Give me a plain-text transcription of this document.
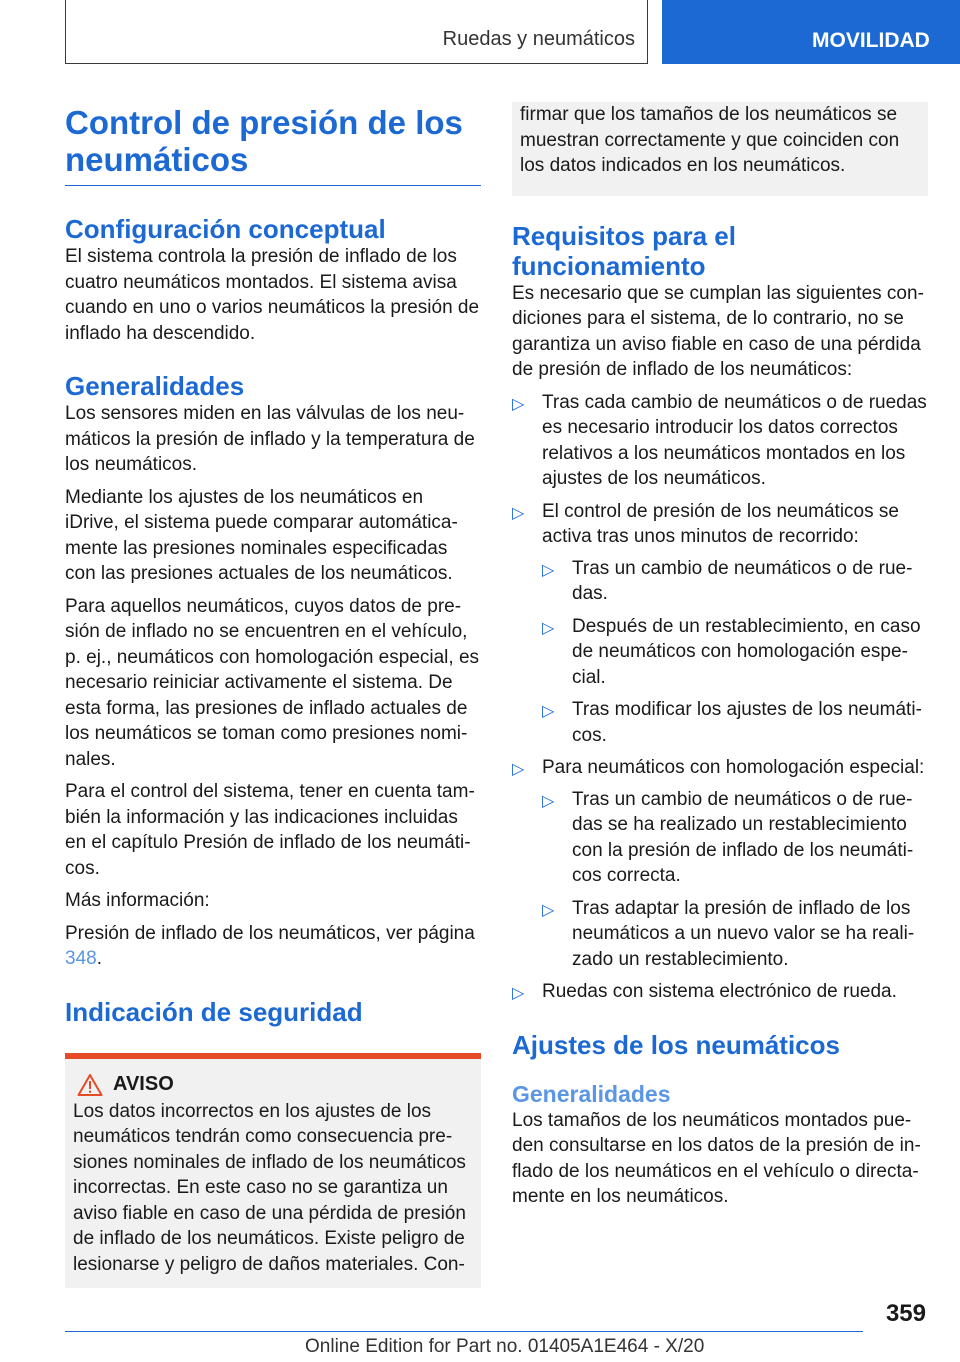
Ruedas y neumáticos	MOVILIDAD
Control de presión de los neumáticos
Configuración conceptual

El sistema controla la presión de inflado de los cuatro neumáticos montados. El sistema avisa cuando en uno o varios neumáticos la presión de inflado ha descendido.

Generalidades

Los sensores miden en las válvulas de los neumáticos la presión de inflado y la temperatura de los neumáticos.

Mediante los ajustes de los neumáticos en iDrive, el sistema puede comparar automáticamente las presiones nominales especificadas con las presiones actuales de los neumáticos.

Para aquellos neumáticos, cuyos datos de presión de inflado no se encuentren en el vehículo, p. ej., neumáticos con homologación especial, es necesario reiniciar activamente el sistema. De esta forma, las presiones de inflado actuales de los neumáticos se toman como presiones nominales.

Para el control del sistema, tener en cuenta también la información y las indicaciones incluidas en el capítulo Presión de inflado de los neumáticos.

Más información:

Presión de inflado de los neumáticos, ver página 348.

Indicación de seguridad
AVISO

Los datos incorrectos en los ajustes de los neumáticos tendrán como consecuencia presiones nominales de inflado de los neumáticos incorrectas. En este caso no se garantiza un aviso fiable en caso de una pérdida de presión de inflado de los neumáticos. Existe peligro de lesionarse y peligro de daños materiales. Con-

firmar que los tamaños de los neumáticos se muestran correctamente y que coinciden con los datos indicados en los neumáticos.

Requisitos para el funcionamiento

Es necesario que se cumplan las siguientes condiciones para el sistema, de lo contrario, no se garantiza un aviso fiable en caso de una pérdida de presión de inflado de los neumáticos:

▷ Tras cada cambio de neumáticos o de ruedas es necesario introducir los datos correctos relativos a los neumáticos montados en los ajustes de los neumáticos.
▷ El control de presión de los neumáticos se activa tras unos minutos de recorrido:
▷ Tras un cambio de neumáticos o de ruedas.
▷ Después de un restablecimiento, en caso de neumáticos con homologación especial.
▷ Tras modificar los ajustes de los neumáticos.
▷ Para neumáticos con homologación especial:
▷ Tras un cambio de neumáticos o de ruedas se ha realizado un restablecimiento con la presión de inflado de los neumáticos correcta.
▷ Tras adaptar la presión de inflado de los neumáticos a un nuevo valor se ha realizado un restablecimiento.
▷ Ruedas con sistema electrónico de rueda.
Ajustes de los neumáticos
Generalidades

Los tamaños de los neumáticos montados pueden consultarse en los datos de la presión de inflado de los neumáticos en el vehículo o directamente en los neumáticos.

359
Online Edition for Part no. 01405A1E464 - X/20
